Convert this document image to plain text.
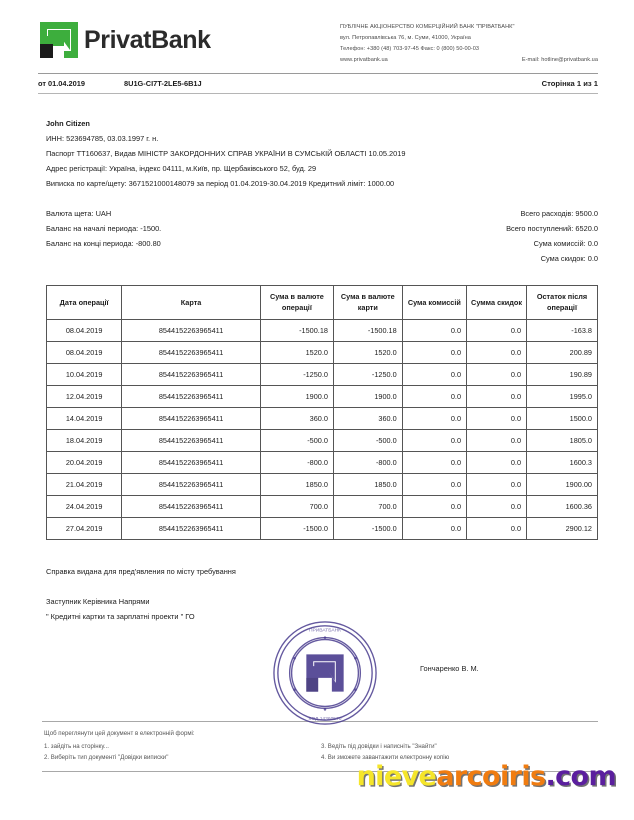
PrivatBank	ПУБЛІЧНЕ АКЦІОНЕРСТВО КОМЕРЦІЙНИЙ БАНК "ПРІВАТБАНК"
вул. Петропавлівська 76, м. Суми, 41000, Україна
Телефон: +380 (48) 703-97-45 Факс: 0 (800) 50-00-03
www.privatbank.ua	E-mail: hotline@privatbank.ua
от 01.04.2019	8U1G-CI7T-2LE5-6B1J	Сторінка 1 из 1
John Citizen
ИНН: 523694785, 03.03.1997 г. н.
Паспорт ТТ160637, Видав МІНІСТР ЗАКОРДОННИХ СПРАВ УКРАЇНИ В СУМСЬКІЙ ОБЛАСТІ 10.05.2019
Адрес регістрації: Україна, індекс 04111, м.Київ, пр. Щербаківського 52, буд. 29
Виписка по карте/щету: 3671521000148079 за період 01.04.2019-30.04.2019 Кредитний ліміт: 1000.00
Валюта щета: UAH
Баланс на началі периода: -1500.
Баланс на концi периода: -800.80
Всего расходів: 9500.0
Всего поступлений: 6520.0
Сума комиссій: 0.0
Сума скидок: 0.0
Дата операції	Карта	Сума в валюте операції	Сума в валюте карти	Сума комиссій	Сумма скидок	Остаток після операції
08.04.2019	8544152263965411	-1500.18	-1500.18	0.0	0.0	-163.8
08.04.2019	8544152263965411	1520.0	1520.0	0.0	0.0	200.89
10.04.2019	8544152263965411	-1250.0	-1250.0	0.0	0.0	190.89
12.04.2019	8544152263965411	1900.0	1900.0	0.0	0.0	1995.0
14.04.2019	8544152263965411	360.0	360.0	0.0	0.0	1500.0
18.04.2019	8544152263965411	-500.0	-500.0	0.0	0.0	1805.0
20.04.2019	8544152263965411	-800.0	-800.0	0.0	0.0	1600.3
21.04.2019	8544152263965411	1850.0	1850.0	0.0	0.0	1900.00
24.04.2019	8544152263965411	700.0	700.0	0.0	0.0	1600.36
27.04.2019	8544152263965411	-1500.0	-1500.0	0.0	0.0	2900.12
Справка видана для пред'явления по місту требування
Заступник Керівника Напрями
" Кредитні картки та зарплатні проекти " ГО
ПРИВАТБАНК
КОД 14360570
Гончаренко В. М.
Щоб переглянути цей документ в електронній формі:
1. зайдіть на сторінку...
2. Виберіть тип документі "Довідки виписки"
3. Ведіть під довідки і написніть "Знайти"
4. Ви зможете завантажити електронну копію
nievearcoiris.com
